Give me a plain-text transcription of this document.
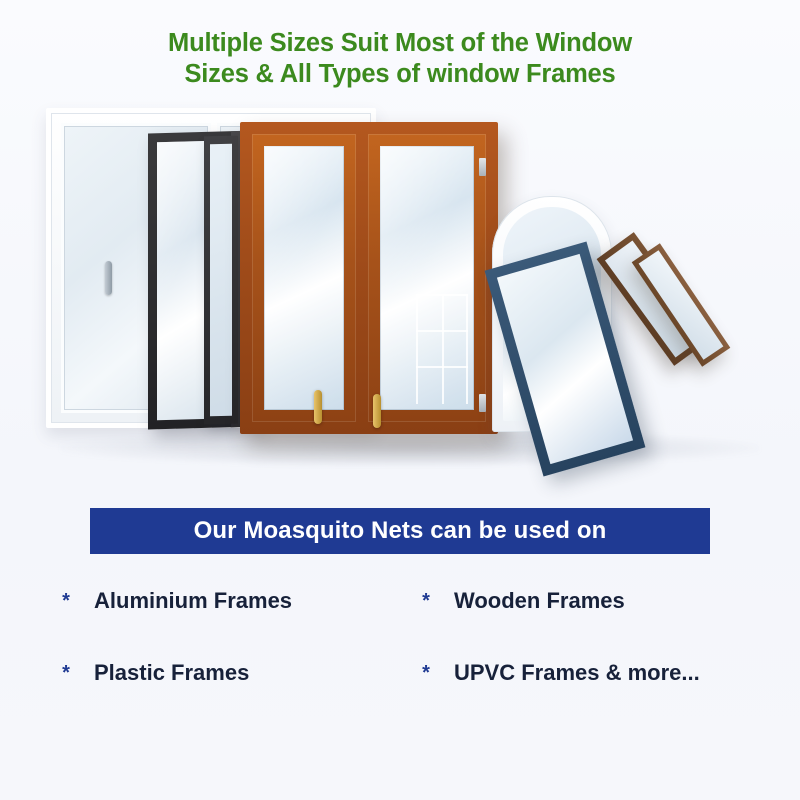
Multiple Sizes Suit Most of the Window
Sizes & All Types of window Frames
Our Moasquito Nets can be used on
* Aluminium Frames	* Wooden Frames
* Plastic Frames	* UPVC Frames & more...
